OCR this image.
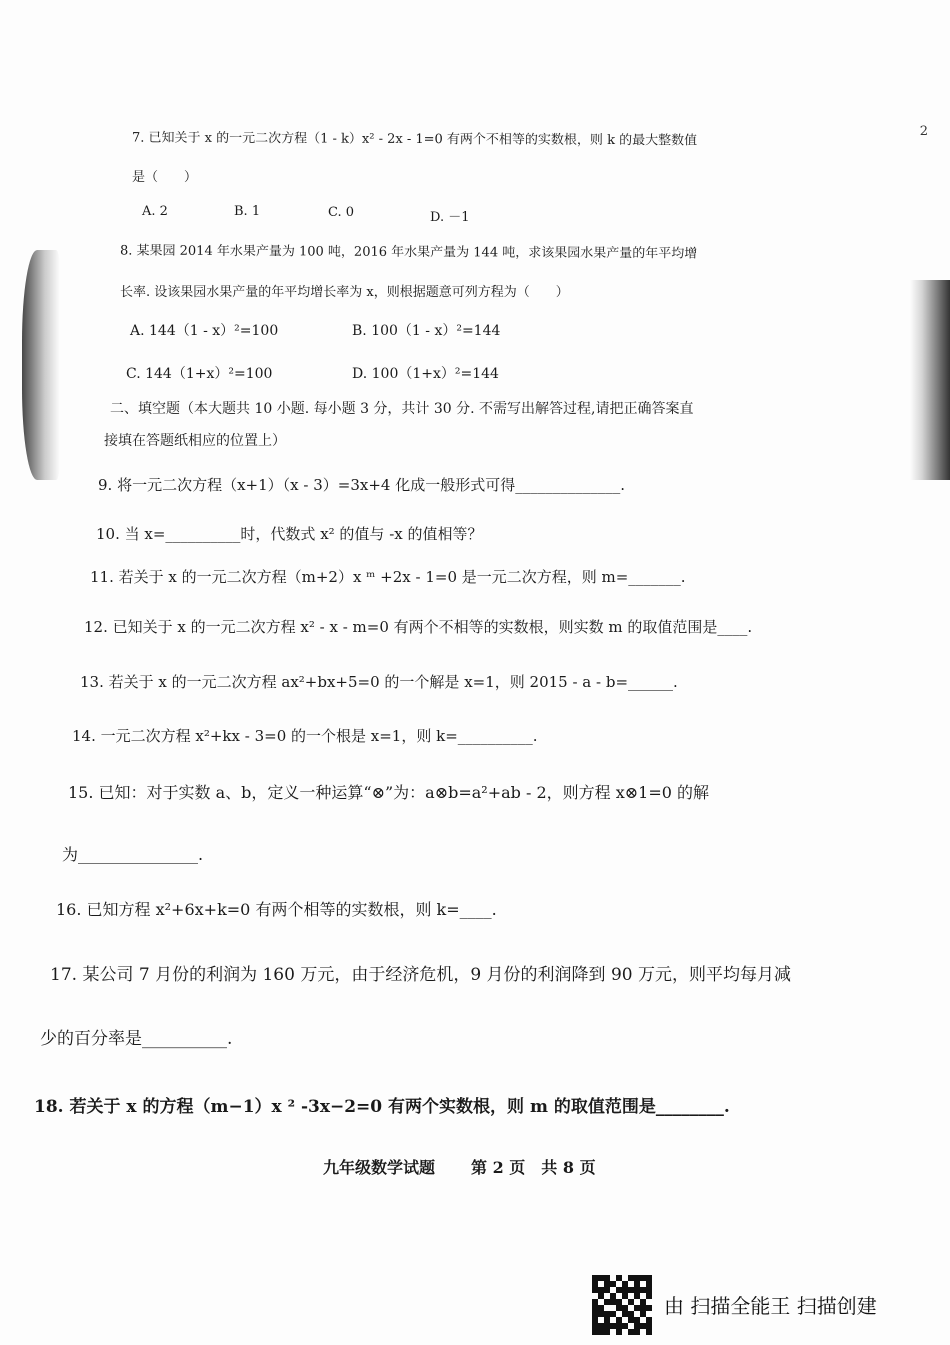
2
7. 已知关于 x 的一元二次方程（1 - k）x² - 2x - 1=0 有两个不相等的实数根，则 k 的最大整数值
是（　　）
A. 2	B. 1	C. 0	D. －1
8. 某果园 2014 年水果产量为 100 吨，2016 年水果产量为 144 吨，求该果园水果产量的年平均增
长率. 设该果园水果产量的年平均增长率为 x，则根据题意可列方程为（　　）
A. 144（1 - x）²=100	B. 100（1 - x）²=144
C. 144（1+x）²=100	D. 100（1+x）²=144
二、填空题（本大题共 10 小题. 每小题 3 分，共计 30 分. 不需写出解答过程,请把正确答案直
接填在答题纸相应的位置上）
9. 将一元二次方程（x+1）（x - 3）=3x+4 化成一般形式可得______________.
10. 当 x=__________时，代数式 x² 的值与 -x 的值相等？
11. 若关于 x 的一元二次方程（m+2）x ᵐ +2x - 1=0 是一元二次方程，则 m=_______.
12. 已知关于 x 的一元二次方程 x² - x - m=0 有两个不相等的实数根，则实数 m 的取值范围是____.
13. 若关于 x 的一元二次方程 ax²+bx+5=0 的一个解是 x=1，则 2015 - a - b=______.
14. 一元二次方程 x²+kx - 3=0 的一个根是 x=1，则 k=__________.
15. 已知：对于实数 a、b，定义一种运算“⊗”为：a⊗b=a²+ab - 2，则方程 x⊗1=0 的解
为_______________.
16. 已知方程 x²+6x+k=0 有两个相等的实数根，则 k=____.
17. 某公司 7 月份的利润为 160 万元，由于经济危机，9 月份的利润降到 90 万元，则平均每月减
少的百分率是__________.
18. 若关于 x 的方程（m−1）x ² -3x−2=0 有两个实数根，则 m 的取值范围是________.
九年级数学试题 第 2 页 共 8 页
由 扫描全能王 扫描创建
